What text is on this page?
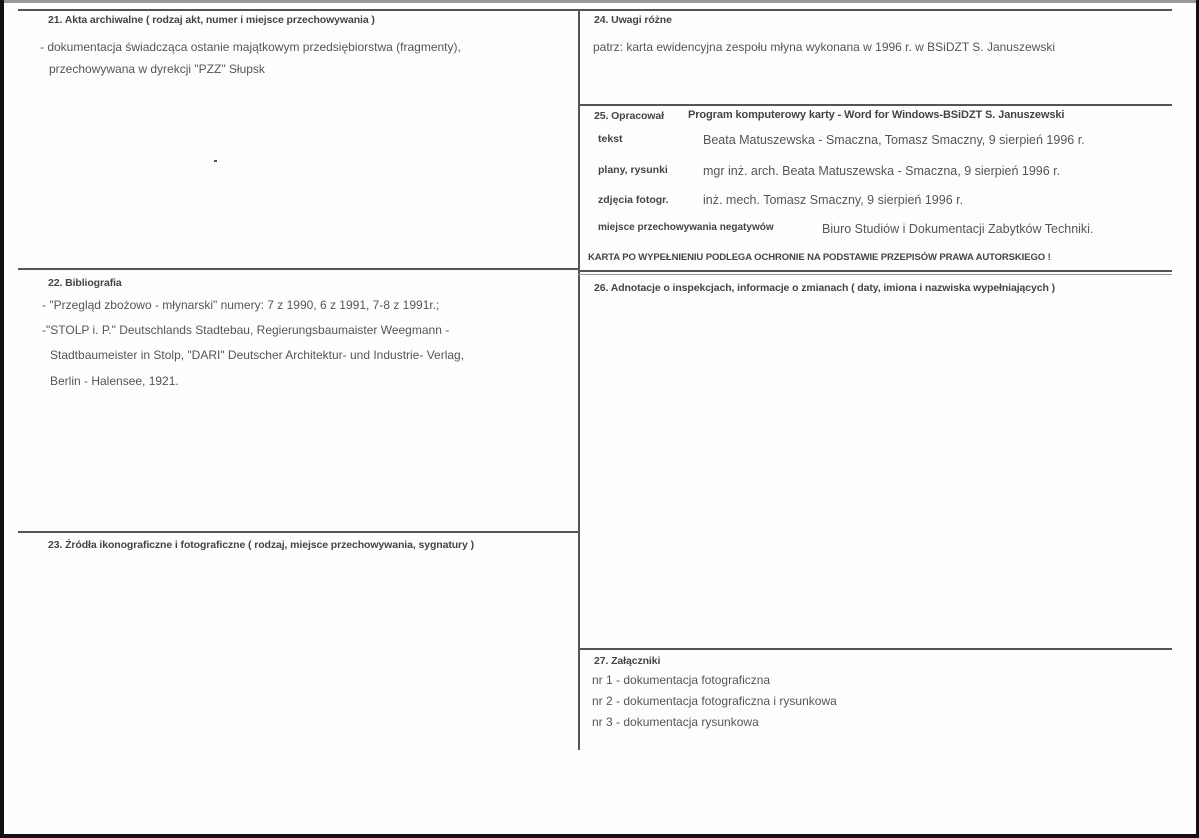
21. Akta archiwalne ( rodzaj akt, numer i miejsce przechowywania )
- dokumentacja świadcząca ostanie majątkowym przedsiębiorstwa (fragmenty),
przechowywana w dyrekcji "PZZ" Słupsk
22. Bibliografia
- "Przegląd zbożowo - młynarski" numery: 7 z 1990, 6 z 1991, 7-8 z 1991r.;
-"STOLP i. P." Deutschlands Stadtebau, Regierungsbaumaister Weegmann -
Stadtbaumeister in Stolp, "DARI" Deutscher Architektur- und Industrie- Verlag,
Berlin - Halensee, 1921.
23. Źródła ikonograficzne i fotograficzne ( rodzaj, miejsce przechowywania, sygnatury )
24. Uwagi różne
patrz: karta ewidencyjna zespołu młyna wykonana w 1996 r. w BSiDZT S. Januszewski
25. Opracował Program komputerowy karty - Word for Windows-BSiDZT S. Januszewski
tekst	Beata Matuszewska - Smaczna, Tomasz Smaczny, 9 sierpień 1996 r.
plany, rysunki	mgr inż. arch. Beata Matuszewska - Smaczna, 9 sierpień 1996 r.
zdjęcia fotogr.	inż. mech. Tomasz Smaczny, 9 sierpień 1996 r.
miejsce przechowywania negatywów	Biuro Studiów i Dokumentacji Zabytków Techniki.
KARTA PO WYPEŁNIENIU PODLEGA OCHRONIE NA PODSTAWIE PRZEPISÓW PRAWA AUTORSKIEGO !
26. Adnotacje o inspekcjach, informacje o zmianach ( daty, imiona i nazwiska wypełniających )
27. Załączniki
nr 1 - dokumentacja fotograficzna
nr 2 - dokumentacja fotograficzna i rysunkowa
nr 3 - dokumentacja rysunkowa
